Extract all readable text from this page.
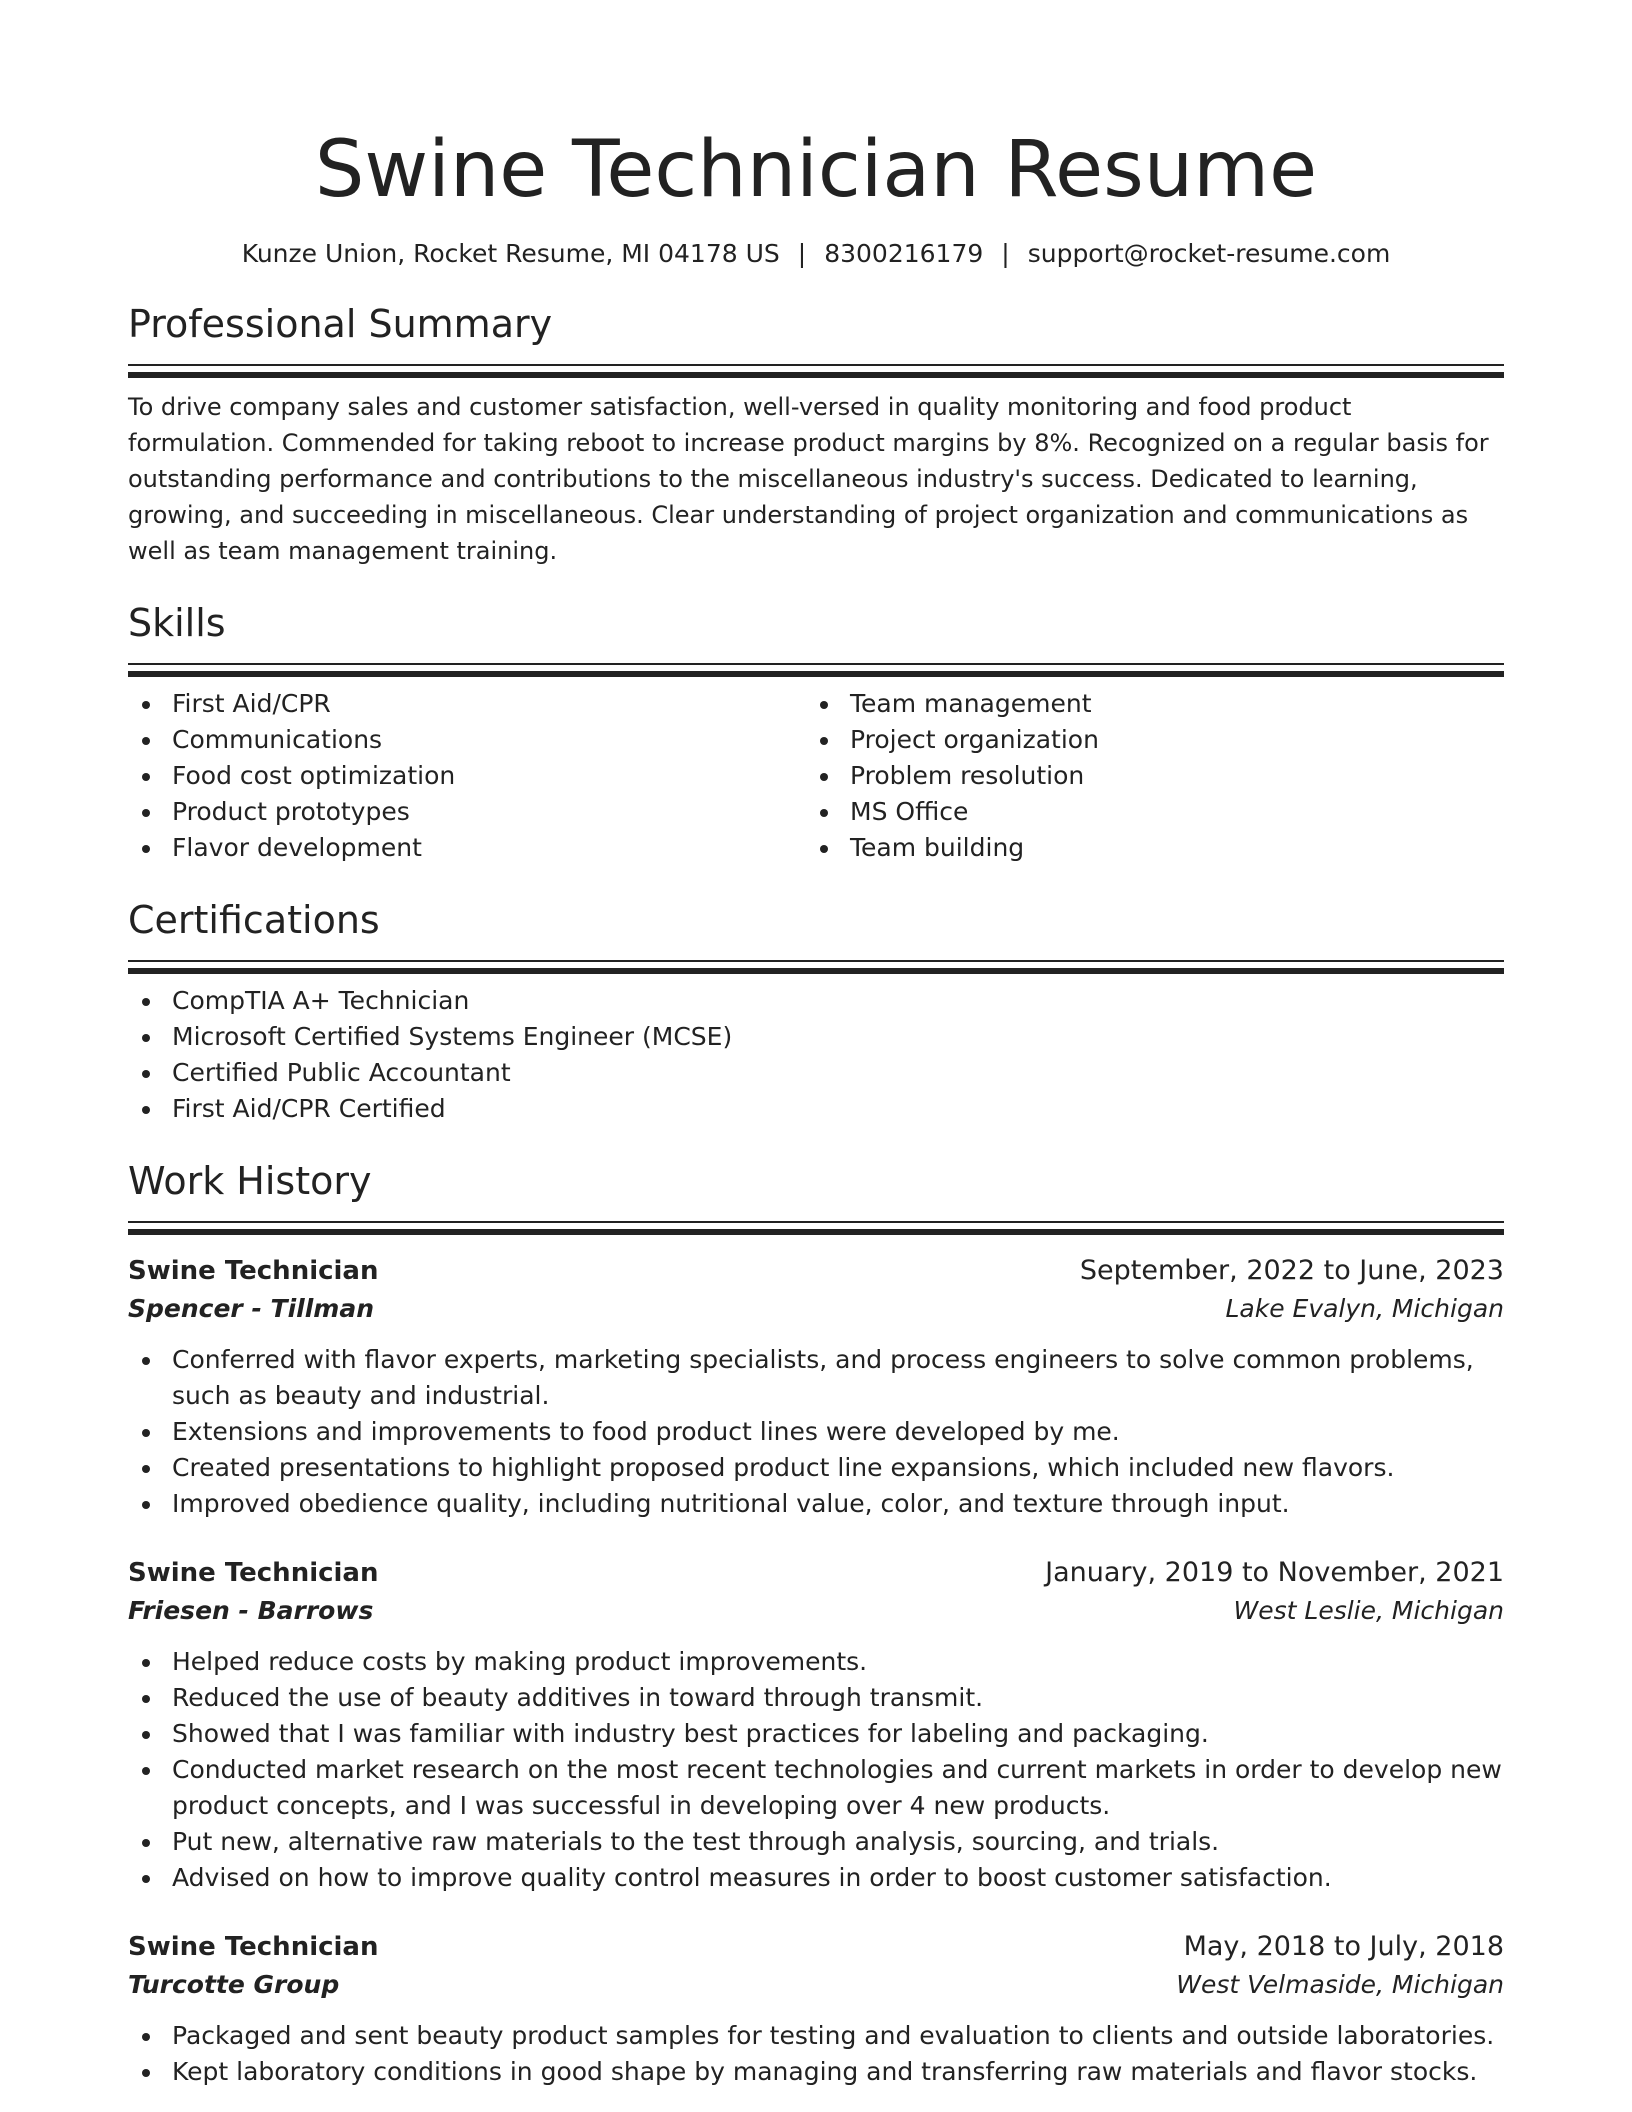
Swine Technician Resume
Kunze Union, Rocket Resume, MI 04178 US | 8300216179 | support@rocket-resume.com
Professional Summary
To drive company sales and customer satisfaction, well-versed in quality monitoring and food product formulation. Commended for taking reboot to increase product margins by 8%. Recognized on a regular basis for outstanding performance and contributions to the miscellaneous industry's success. Dedicated to learning, growing, and succeeding in miscellaneous. Clear understanding of project organization and communications as well as team management training.
Skills
First Aid/CPR
Communications
Food cost optimization
Product prototypes
Flavor development
Team management
Project organization
Problem resolution
MS Office
Team building
Certifications
CompTIA A+ Technician
Microsoft Certified Systems Engineer (MCSE)
Certified Public Accountant
First Aid/CPR Certified
Work History
Swine Technician	September, 2022 to June, 2023
Spencer - Tillman	Lake Evalyn, Michigan
Conferred with flavor experts, marketing specialists, and process engineers to solve common problems, such as beauty and industrial.
Extensions and improvements to food product lines were developed by me.
Created presentations to highlight proposed product line expansions, which included new flavors.
Improved obedience quality, including nutritional value, color, and texture through input.
Swine Technician	January, 2019 to November, 2021
Friesen - Barrows	West Leslie, Michigan
Helped reduce costs by making product improvements.
Reduced the use of beauty additives in toward through transmit.
Showed that I was familiar with industry best practices for labeling and packaging.
Conducted market research on the most recent technologies and current markets in order to develop new product concepts, and I was successful in developing over 4 new products.
Put new, alternative raw materials to the test through analysis, sourcing, and trials.
Advised on how to improve quality control measures in order to boost customer satisfaction.
Swine Technician	May, 2018 to July, 2018
Turcotte Group	West Velmaside, Michigan
Packaged and sent beauty product samples for testing and evaluation to clients and outside laboratories.
Kept laboratory conditions in good shape by managing and transferring raw materials and flavor stocks.
